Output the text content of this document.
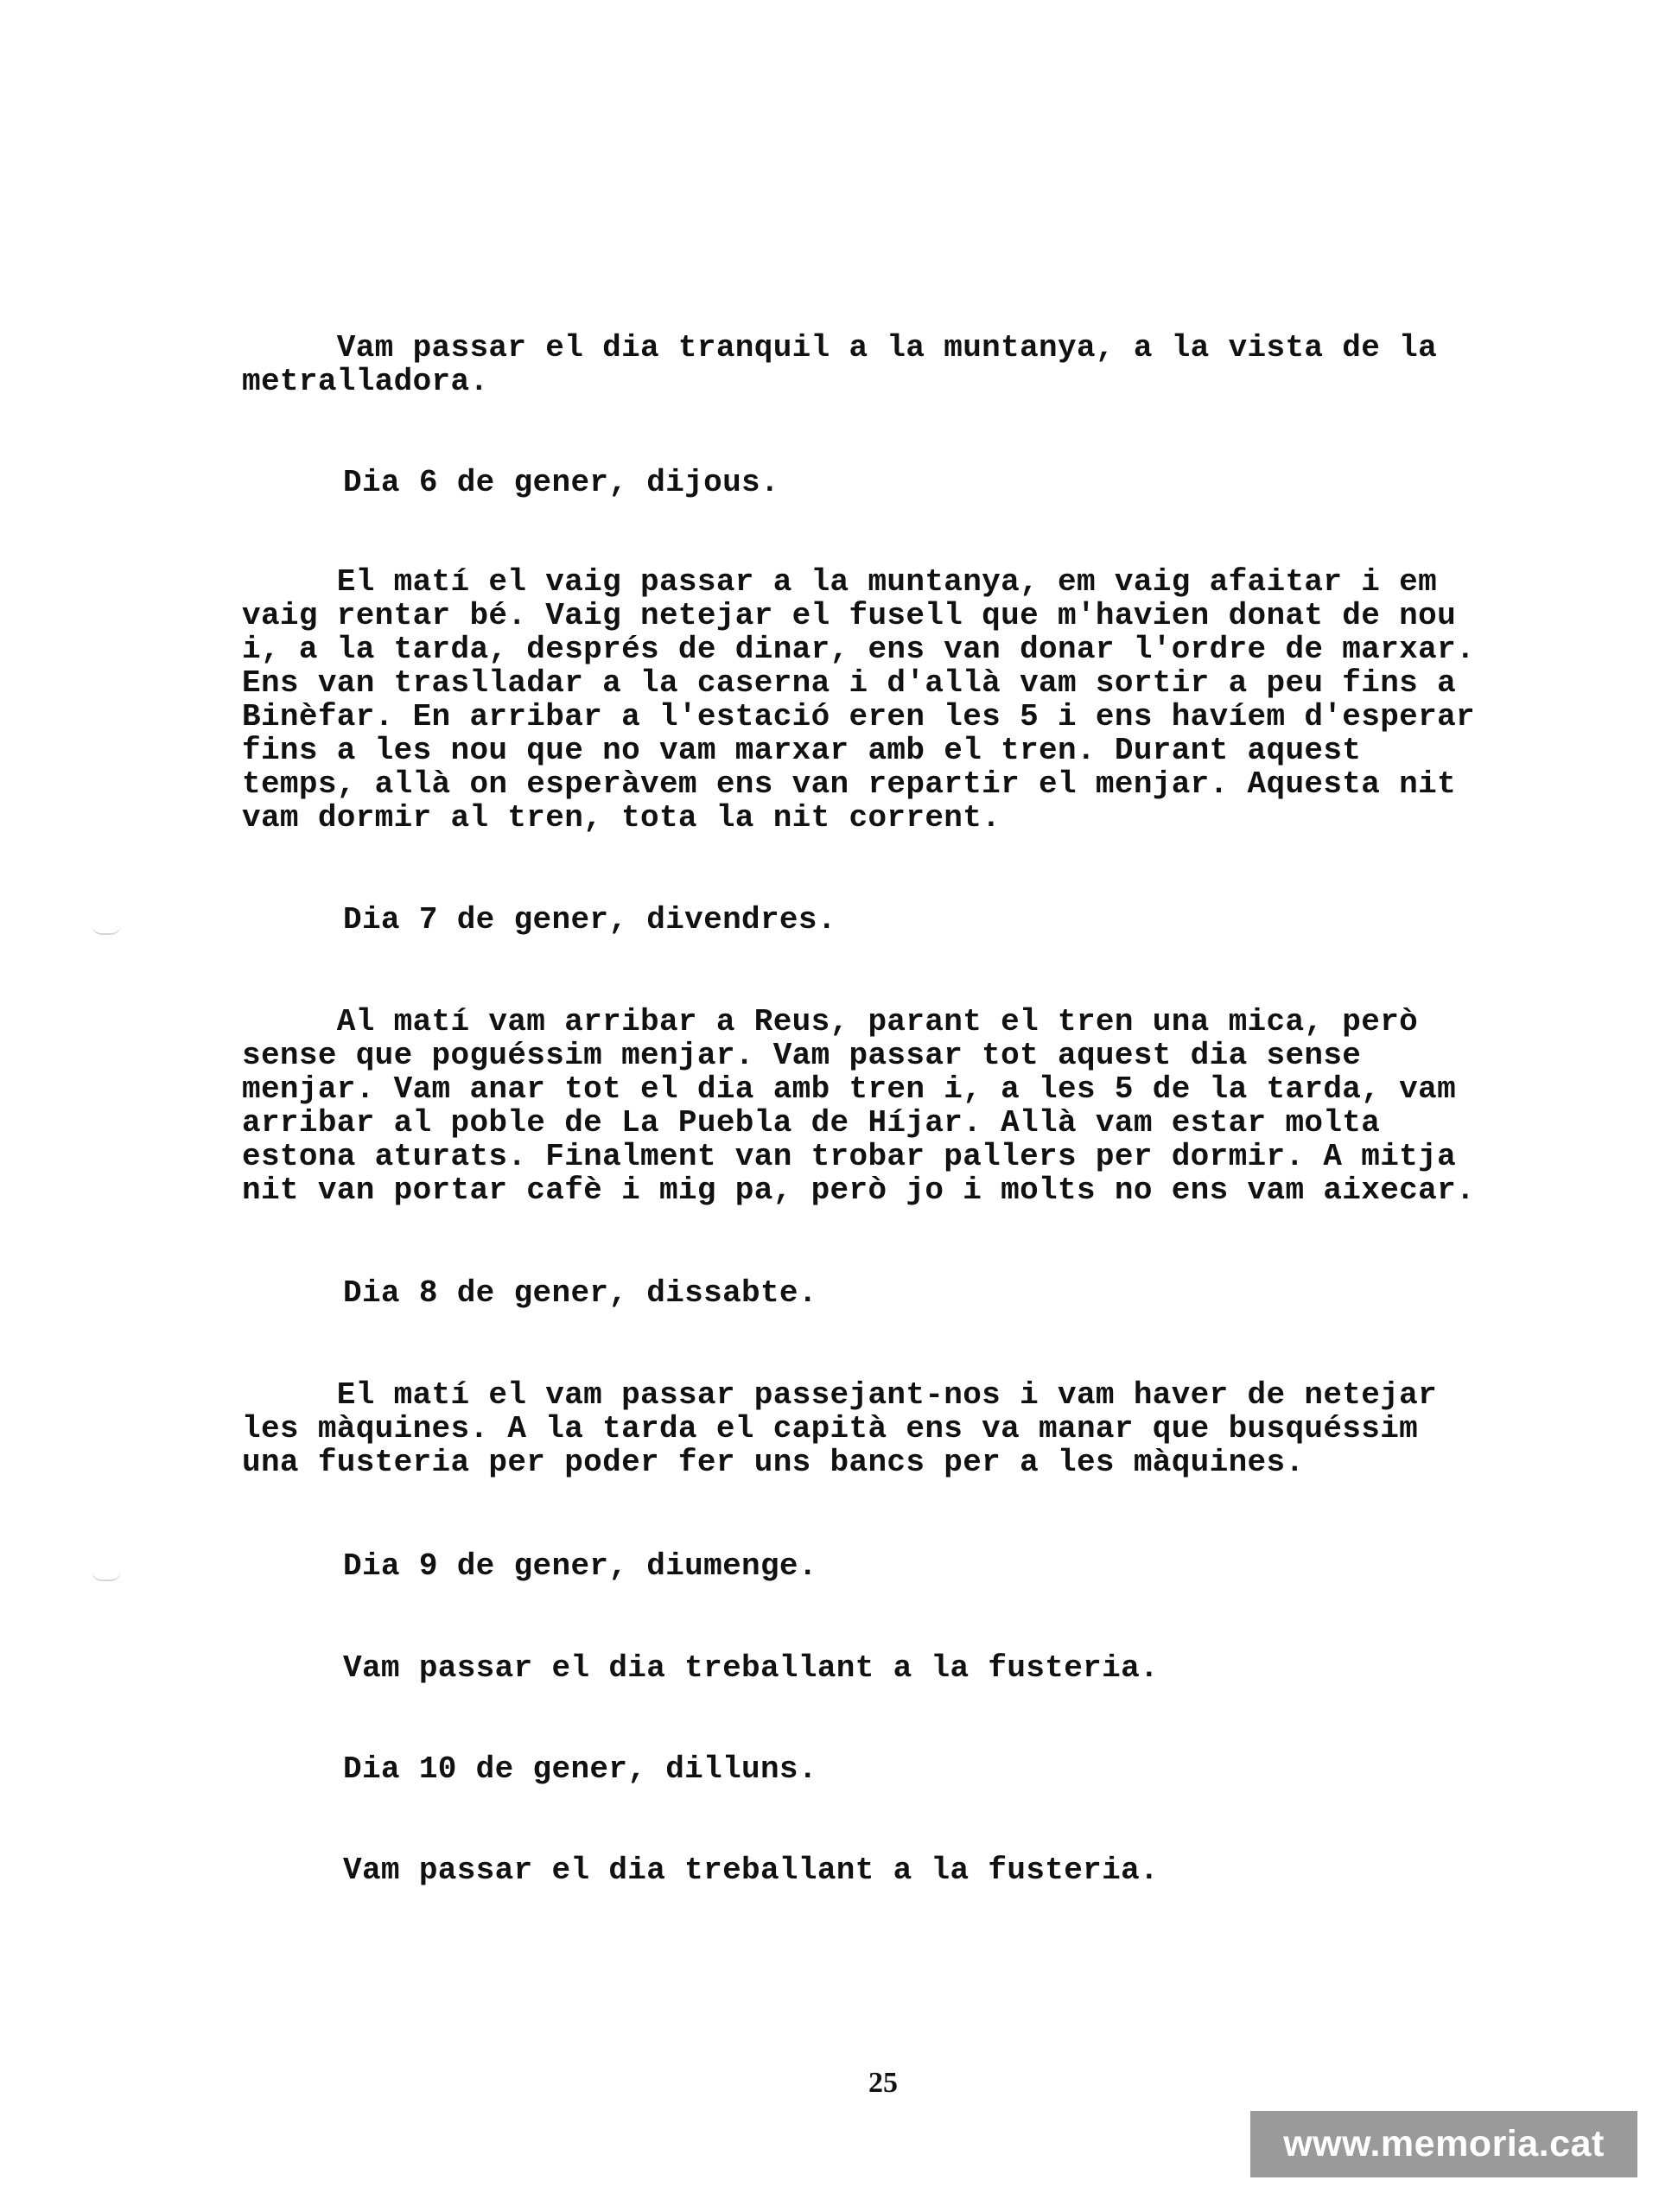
Vam passar el dia tranquil a la muntanya, a la vista de la
metralladora.
Dia 6 de gener, dijous.
El matí el vaig passar a la muntanya, em vaig afaitar i em
vaig rentar bé. Vaig netejar el fusell que m'havien donat de nou
i, a la tarda, després de dinar, ens van donar l'ordre de marxar.
Ens van traslladar a la caserna i d'allà vam sortir a peu fins a
Binèfar. En arribar a l'estació eren les 5 i ens havíem d'esperar
fins a les nou que no vam marxar amb el tren. Durant aquest
temps, allà on esperàvem ens van repartir el menjar. Aquesta nit
vam dormir al tren, tota la nit corrent.
Dia 7 de gener, divendres.
Al matí vam arribar a Reus, parant el tren una mica, però
sense que poguéssim menjar. Vam passar tot aquest dia sense
menjar. Vam anar tot el dia amb tren i, a les 5 de la tarda, vam
arribar al poble de La Puebla de Híjar. Allà vam estar molta
estona aturats. Finalment van trobar pallers per dormir. A mitja
nit van portar cafè i mig pa, però jo i molts no ens vam aixecar.
Dia 8 de gener, dissabte.
El matí el vam passar passejant-nos i vam haver de netejar
les màquines. A la tarda el capità ens va manar que busquéssim
una fusteria per poder fer uns bancs per a les màquines.
Dia 9 de gener, diumenge.
Vam passar el dia treballant a la fusteria.
Dia 10 de gener, dilluns.
Vam passar el dia treballant a la fusteria.
25
www.memoria.cat
